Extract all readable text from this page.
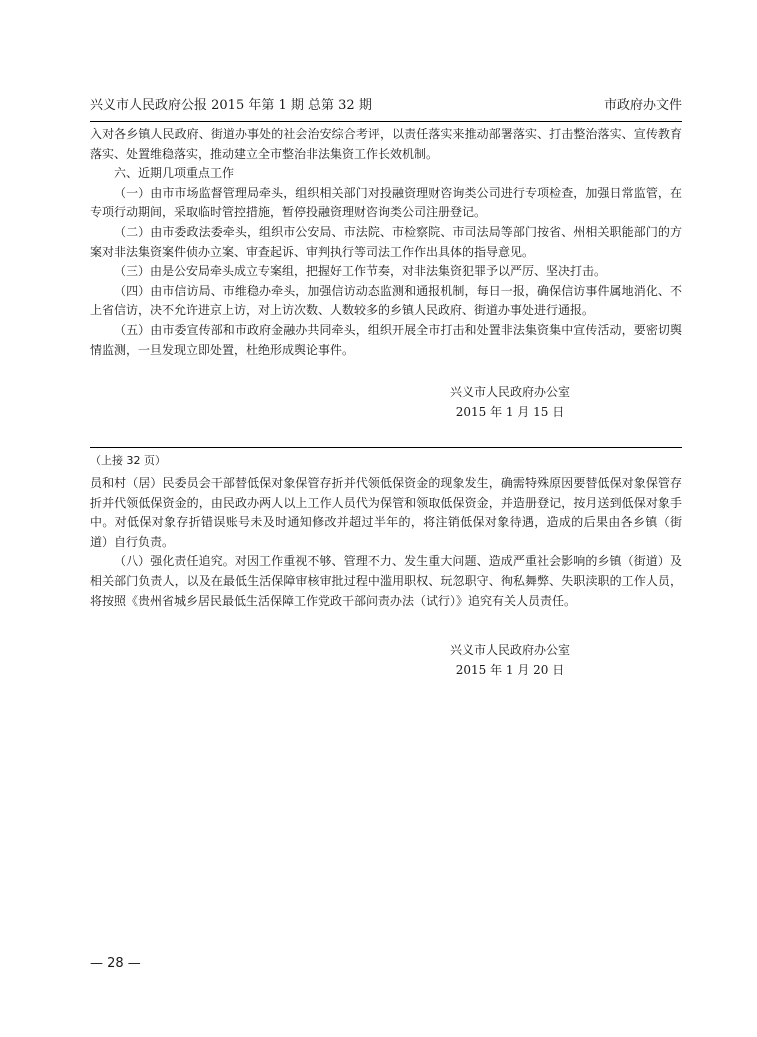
兴义市人民政府公报 2015 年第 1 期 总第 32 期	市政府办文件

入对各乡镇人民政府、街道办事处的社会治安综合考评，以责任落实来推动部署落实、打击整治落实、宣传教育落实、处置维稳落实，推动建立全市整治非法集资工作长效机制。

六、近期几项重点工作

（一）由市市场监督管理局牵头，组织相关部门对投融资理财咨询类公司进行专项检查，加强日常监管，在专项行动期间，采取临时管控措施，暂停投融资理财咨询类公司注册登记。

（二）由市委政法委牵头，组织市公安局、市法院、市检察院、市司法局等部门按省、州相关职能部门的方案对非法集资案件侦办立案、审查起诉、审判执行等司法工作作出具体的指导意见。

（三）由是公安局牵头成立专案组，把握好工作节奏，对非法集资犯罪予以严厉、坚决打击。

（四）由市信访局、市维稳办牵头，加强信访动态监测和通报机制，每日一报，确保信访事件属地消化、不上省信访，决不允许进京上访，对上访次数、人数较多的乡镇人民政府、街道办事处进行通报。

（五）由市委宣传部和市政府金融办共同牵头，组织开展全市打击和处置非法集资集中宣传活动，要密切舆情监测，一旦发现立即处置，杜绝形成舆论事件。

兴义市人民政府办公室
2015 年 1 月 15 日
（上接 32 页）

员和村（居）民委员会干部替低保对象保管存折并代领低保资金的现象发生，确需特殊原因要替低保对象保管存折并代领低保资金的，由民政办两人以上工作人员代为保管和领取低保资金，并造册登记，按月送到低保对象手中。对低保对象存折错误账号未及时通知修改并超过半年的，将注销低保对象待遇，造成的后果由各乡镇（街道）自行负责。

（八）强化责任追究。对因工作重视不够、管理不力、发生重大问题、造成严重社会影响的乡镇（街道）及相关部门负责人，以及在最低生活保障审核审批过程中滥用职权、玩忽职守、徇私舞弊、失职渎职的工作人员，将按照《贵州省城乡居民最低生活保障工作党政干部问责办法（试行）》追究有关人员责任。

兴义市人民政府办公室
2015 年 1 月 20 日
— 28 —
